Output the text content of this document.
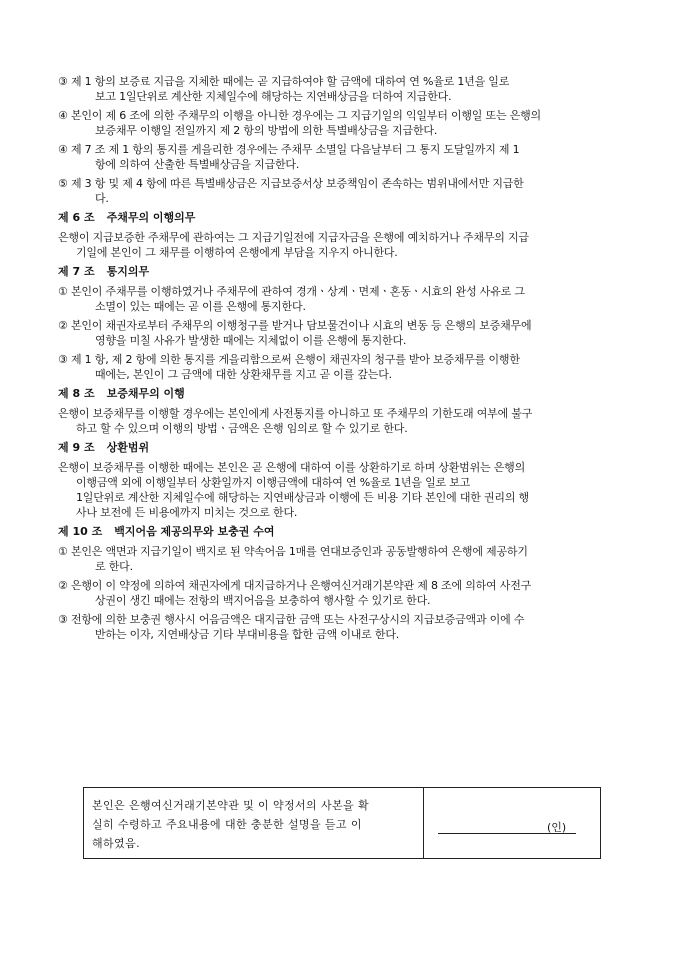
③ 제 1 항의 보증료 지급을 지체한 때에는 곧 지급하여야 할 금액에 대하여 연 %율로 1년을 일로
보고 1일단위로 계산한 지체일수에 해당하는 지연배상금을 더하여 지급한다.
④ 본인이 제 6 조에 의한 주채무의 이행을 아니한 경우에는 그 지급기일의 익일부터 이행일 또는 은행의
보증채무 이행일 전일까지 제 2 항의 방법에 의한 특별배상금을 지급한다.
④ 제 7 조 제 1 항의 통지를 게을리한 경우에는 주채무 소멸일 다음날부터 그 통지 도달일까지 제 1
항에 의하여 산출한 특별배상금을 지급한다.
⑤ 제 3 항 및 제 4 항에 따른 특별배상금은 지급보증서상 보증책임이 존속하는 범위내에서만 지급한
다.
제 6 조 주채무의 이행의무
은행이 지급보증한 주채무에 관하여는 그 지급기일전에 지급자금을 은행에 예치하거나 주채무의 지급
기일에 본인이 그 채무를 이행하여 은행에게 부담을 지우지 아니한다.
제 7 조 통지의무
① 본인이 주채무를 이행하였거나 주채무에 관하여 경개ㆍ상계ㆍ면제ㆍ혼동ㆍ시효의 완성 사유로 그
소멸이 있는 때에는 곧 이를 은행에 통지한다.
② 본인이 채권자로부터 주채무의 이행청구를 받거나 담보물건이나 시효의 변동 등 은행의 보증채무에
영향을 미칠 사유가 발생한 때에는 지체없이 이를 은행에 통지한다.
③ 제 1 항, 제 2 항에 의한 통지를 게을리함으로써 은행이 채권자의 청구를 받아 보증채무를 이행한
때에는, 본인이 그 금액에 대한 상환채무를 지고 곧 이를 갚는다.
제 8 조 보증채무의 이행
은행이 보증채무를 이행할 경우에는 본인에게 사전통지를 아니하고 또 주채무의 기한도래 여부에 불구
하고 할 수 있으며 이행의 방법ㆍ금액은 은행 임의로 할 수 있기로 한다.
제 9 조 상환범위
은행이 보증채무를 이행한 때에는 본인은 곧 은행에 대하여 이를 상환하기로 하며 상환범위는 은행의
이행금액 외에 이행일부터 상환일까지 이행금액에 대하여 연 %율로 1년을 일로 보고
1일단위로 계산한 지체일수에 해당하는 지연배상금과 이행에 든 비용 기타 본인에 대한 권리의 행
사나 보전에 든 비용에까지 미치는 것으로 한다.
제 10 조 백지어음 제공의무와 보충권 수여
① 본인은 액면과 지급기일이 백지로 된 약속어음 1매를 연대보증인과 공동발행하여 은행에 제공하기
로 한다.
② 은행이 이 약정에 의하여 채권자에게 대지급하거나 은행여신거래기본약관 제 8 조에 의하여 사전구
상권이 생긴 때에는 전항의 백지어음을 보충하여 행사할 수 있기로 한다.
③ 전항에 의한 보충권 행사시 어음금액은 대지급한 금액 또는 사전구상시의 지급보증금액과 이에 수
반하는 이자, 지연배상금 기타 부대비용을 합한 금액 이내로 한다.
본인은 은행여신거래기본약관 및 이 약정서의 사본을 확
실히 수령하고 주요내용에 대한 충분한 설명을 듣고 이
해하였음.
(인)
